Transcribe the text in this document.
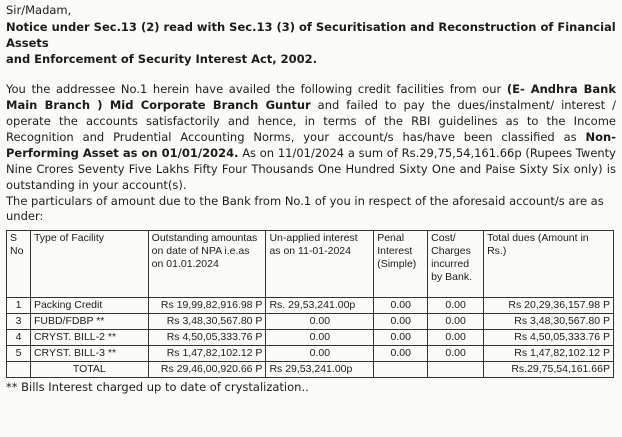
Sir/Madam,
Notice under Sec.13 (2) read with Sec.13 (3) of Securitisation and Reconstruction of Financial Assets
and Enforcement of Security Interest Act, 2002.
You the addressee No.1 herein have availed the following credit facilities from our (E- Andhra Bank Main Branch ) Mid Corporate Branch Guntur and failed to pay the dues/instalment/ interest / operate the accounts satisfactorily and hence, in terms of the RBI guidelines as to the Income Recognition and Prudential Accounting Norms, your account/s has/have been classified as Non-Performing Asset as on 01/01/2024. As on 11/01/2024 a sum of Rs.29,75,54,161.66p (Rupees Twenty Nine Crores Seventy Five Lakhs Fifty Four Thousands One Hundred Sixty One and Paise Sixty Six only) is outstanding in your account(s).
The particulars of amount due to the Bank from No.1 of you in respect of the aforesaid account/s are as under:
S No	Type of Facility	Outstanding amountas on date of NPA i.e.as on 01.01.2024	Un-applied interest as on 11-01-2024	Penal Interest (Simple)	Cost/ Charges incurred by Bank.	Total dues (Amount in Rs.)
1	Packing Credit	Rs 19,99,82,916.98 P	Rs. 29,53,241.00p	0.00	0.00	Rs 20,29,36,157.98 P
3	FUBD/FDBP **	Rs 3,48,30,567.80 P	0.00	0.00	0.00	Rs 3,48,30,567.80 P
4	CRYST. BILL-2 **	Rs 4,50,05,333.76 P	0.00	0.00	0.00	Rs 4,50,05,333.76 P
5	CRYST. BILL-3 **	Rs 1,47,82,102.12 P	0.00	0.00	0.00	Rs 1,47,82,102.12 P
	TOTAL	Rs 29,46,00,920.66 P	Rs 29,53,241.00p			Rs.29,75,54,161.66P
** Bills Interest charged up to date of crystalization..
